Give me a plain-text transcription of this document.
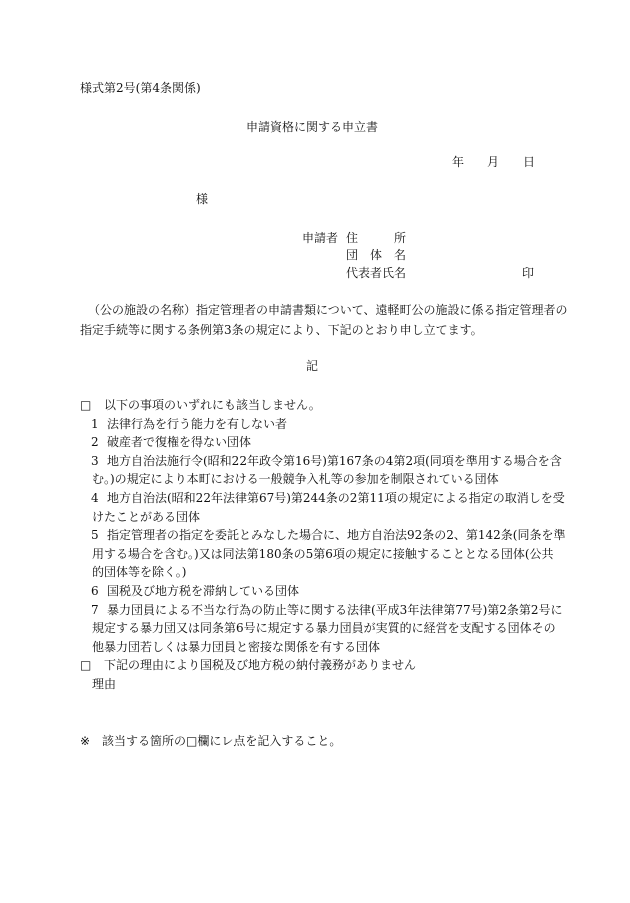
様式第2号(第4条関係)
申請資格に関する申立書
年 月 日
様
申請者 住　　　所
団　体　名
代表者氏名	印
（公の施設の名称）指定管理者の申請書類について、遠軽町公の施設に係る指定管理者の
指定手続等に関する条例第3条の規定により、下記のとおり申し立てます。
記
□ 以下の事項のいずれにも該当しません。
1 法律行為を行う能力を有しない者
2 破産者で復権を得ない団体
3 地方自治法施行令(昭和22年政令第16号)第167条の4第2項(同項を準用する場合を含
む。)の規定により本町における一般競争入札等の参加を制限されている団体
4 地方自治法(昭和22年法律第67号)第244条の2第11項の規定による指定の取消しを受
けたことがある団体
5 指定管理者の指定を委託とみなした場合に、地方自治法92条の2、第142条(同条を準
用する場合を含む。)又は同法第180条の5第6項の規定に接触することとなる団体(公共
的団体等を除く。)
6 国税及び地方税を滞納している団体
7 暴力団員による不当な行為の防止等に関する法律(平成3年法律第77号)第2条第2号に
規定する暴力団又は同条第6号に規定する暴力団員が実質的に経営を支配する団体その
他暴力団若しくは暴力団員と密接な関係を有する団体
□ 下記の理由により国税及び地方税の納付義務がありません
理由
※ 該当する箇所の□欄にレ点を記入すること。
